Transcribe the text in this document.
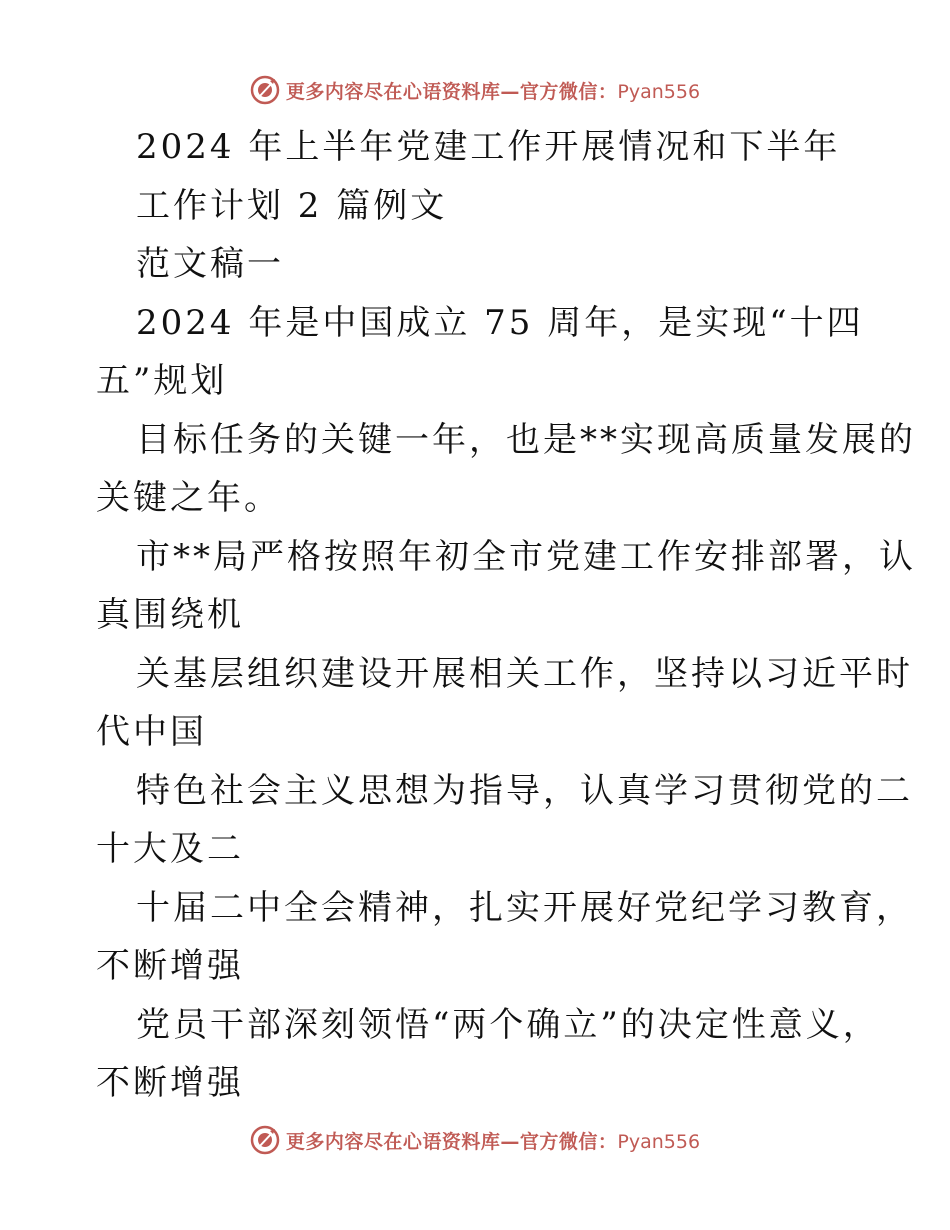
更多内容尽在心语资料库—官方微信：Pyan556
2024 年上半年党建工作开展情况和下半年
工作计划 2 篇例文
范文稿一
2024 年是中国成立 75 周年，是实现“十四
五”规划
目标任务的关键一年，也是**实现高质量发展的
关键之年。
市**局严格按照年初全市党建工作安排部署，认
真围绕机
关基层组织建设开展相关工作，坚持以习近平时
代中国
特色社会主义思想为指导，认真学习贯彻党的二
十大及二
十届二中全会精神，扎实开展好党纪学习教育，
不断增强
党员干部深刻领悟“两个确立”的决定性意义，
不断增强
更多内容尽在心语资料库—官方微信：Pyan556
